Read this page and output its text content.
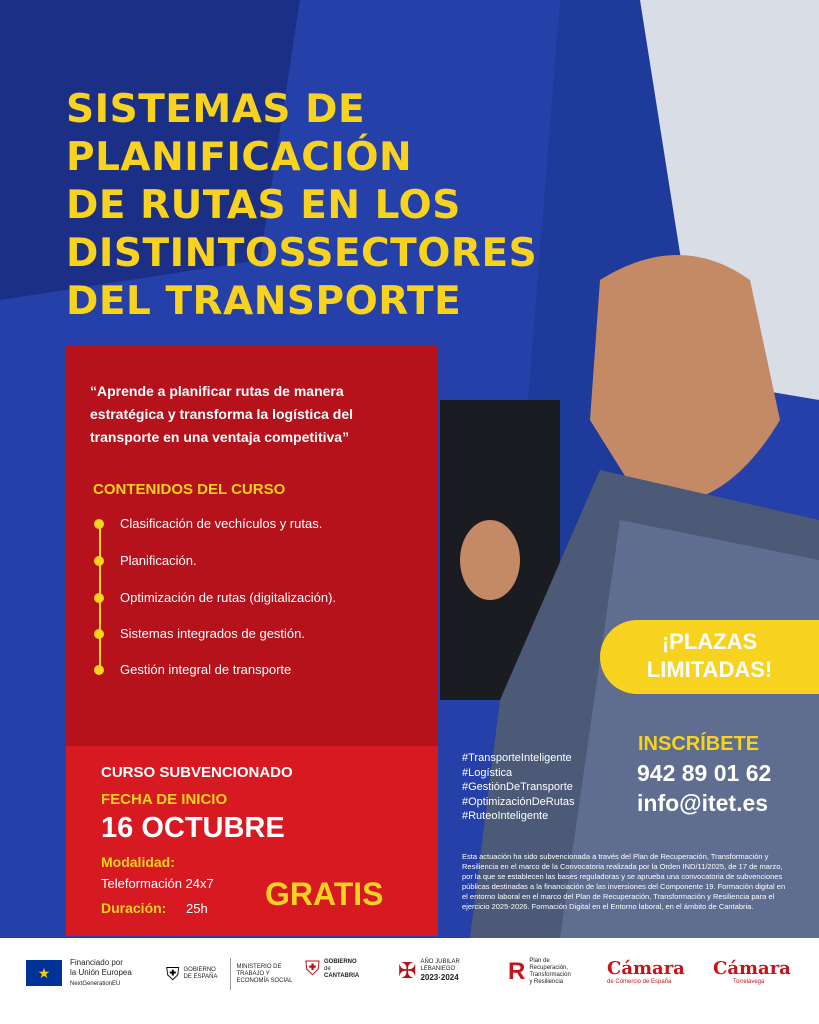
SISTEMAS DE
PLANIFICACIÓN
DE RUTAS EN LOS
DISTINTOSSECTORES
DEL TRANSPORTE
“Aprende a planificar rutas de manera estratégica y transforma la logística del transporte en una ventaja competitiva”
CONTENIDOS DEL CURSO
Clasificación de vechículos y rutas.
Planificación.
Optimización de rutas (digitalización).
Sistemas integrados de gestión.
Gestión integral de transporte
CURSO SUBVENCIONADO
FECHA DE INICIO
16 OCTUBRE
Modalidad:
Teleformación 24x7
Duración: 25h GRATIS
¡PLAZAS
LIMITADAS!
#TransporteInteligente
#Logística
#GestiónDeTransporte
#OptimizaciónDeRutas
#RuteoInteligente
INSCRÍBETE
942 89 01 62
info@itet.es
Esta actuación ha sido subvencionada a través del Plan de Recuperación, Transformación y Resiliencia en el marco de la Convocatoria realizada por la Orden IND/11/2025, de 17 de marzo, por la que se establecen las bases reguladoras y se aprueba una convocatoria de subvenciones públicas destinadas a la financiación de las inversiones del Componente 19. Formación digital en el entorno laboral en el marco del Plan de Recuperación, Transformación y Resiliencia para el ejercicio 2025-2026. Formación Digital en el Entorno laboral, en el ámbito de Cantabria.
★
Financiado por
la Unión Europea
NextGenerationEU
⛨ GOBIERNO DE ESPAÑA
MINISTERIO DE TRABAJO Y ECONOMÍA SOCIAL
⛨ GOBIERNO
de
CANTABRIA ✠ AÑO JUBILAR
LEBANIEGO
2023·2024 R Plan de
Recuperación,
Transformación
y Resiliencia
Cámara
de Comercio de España
Cámara
Torrelavega
